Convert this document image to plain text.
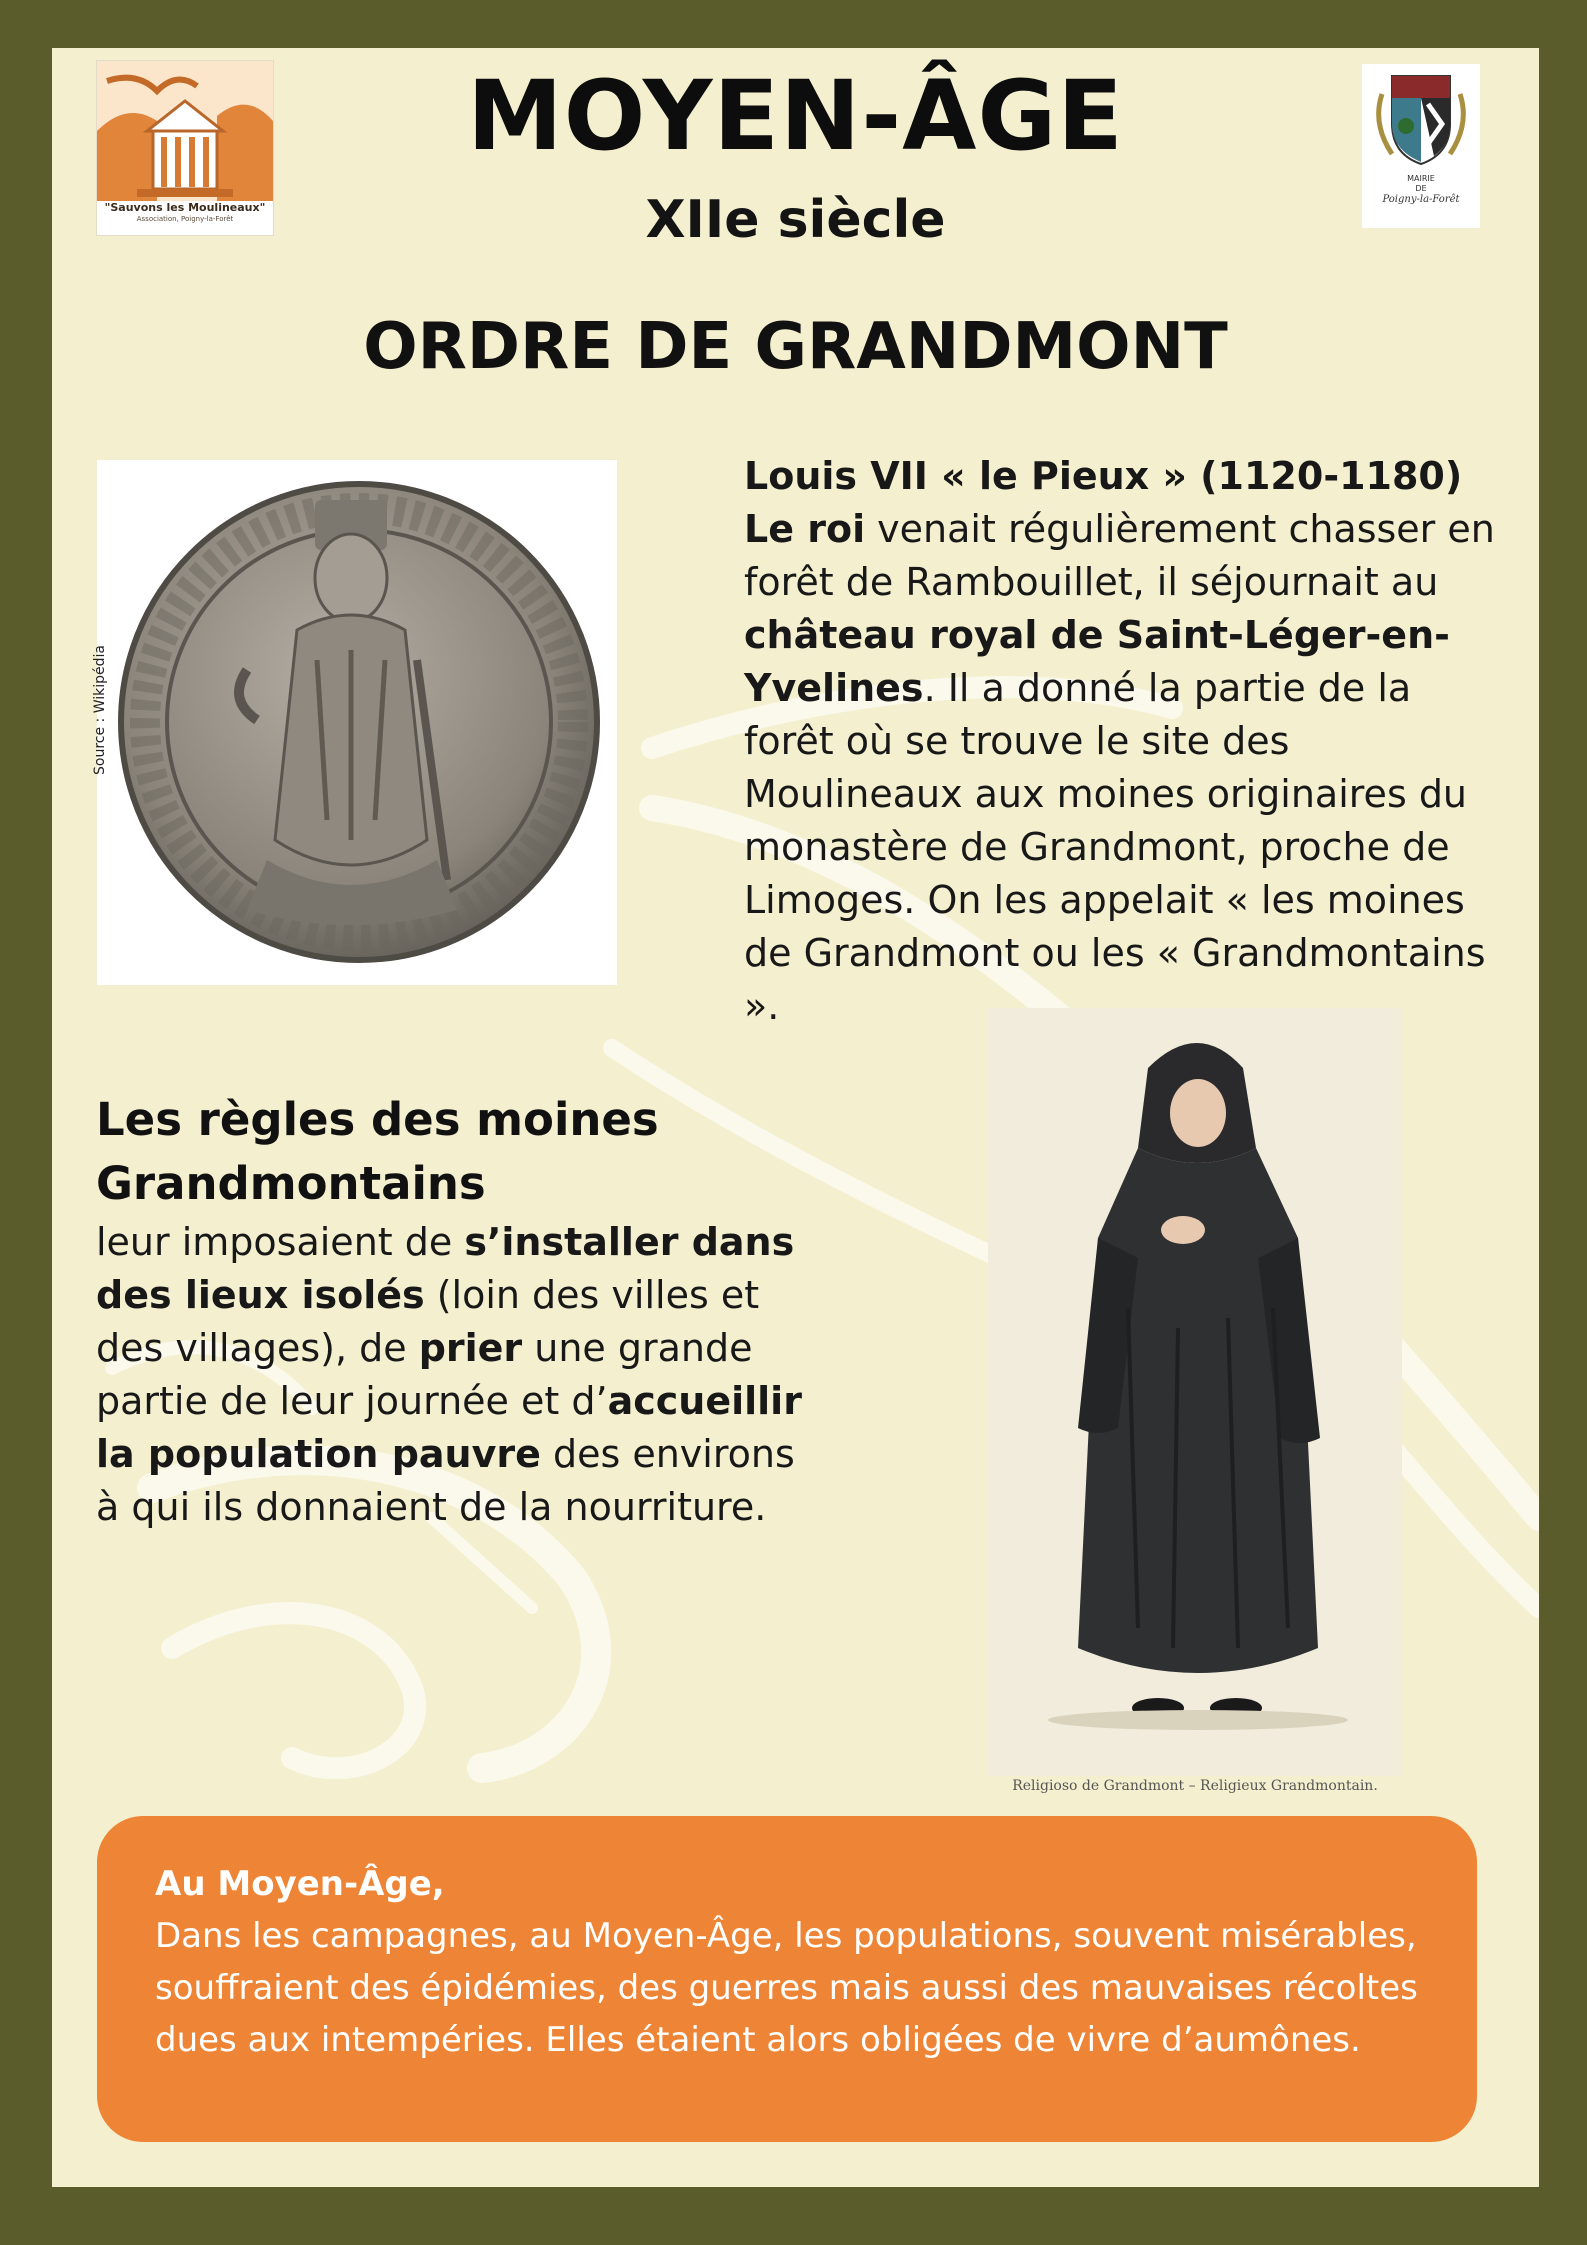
"Sauvons les Moulineaux"
Association, Poigny-la-Forêt
MOYEN-ÂGE
XIIe siècle
ORDRE DE GRANDMONT
MAIRIE
DE
Poigny-la-Forêt
Source : Wikipédia
Louis VII « le Pieux » (1120-1180)
Le roi venait régulièrement chasser en forêt de Rambouillet, il séjournait au château royal de Saint-Léger-en-Yvelines. Il a donné la partie de la forêt où se trouve le site des Moulineaux aux moines originaires du monastère de Grandmont, proche de Limoges. On les appelait « les moines de Grandmont ou les « Grandmontains ».
Les règles des moines Grandmontains
leur imposaient de s’installer dans des lieux isolés (loin des villes et des villages), de prier une grande partie de leur journée et d’accueillir la population pauvre des environs à qui ils donnaient de la nourriture.
Religioso de Grandmont – Religieux Grandmontain.
Au Moyen-Âge,
Dans les campagnes, au Moyen-Âge, les populations, souvent misérables, souffraient des épidémies, des guerres mais aussi des mauvaises récoltes dues aux intempéries. Elles étaient alors obligées de vivre d’aumônes.
